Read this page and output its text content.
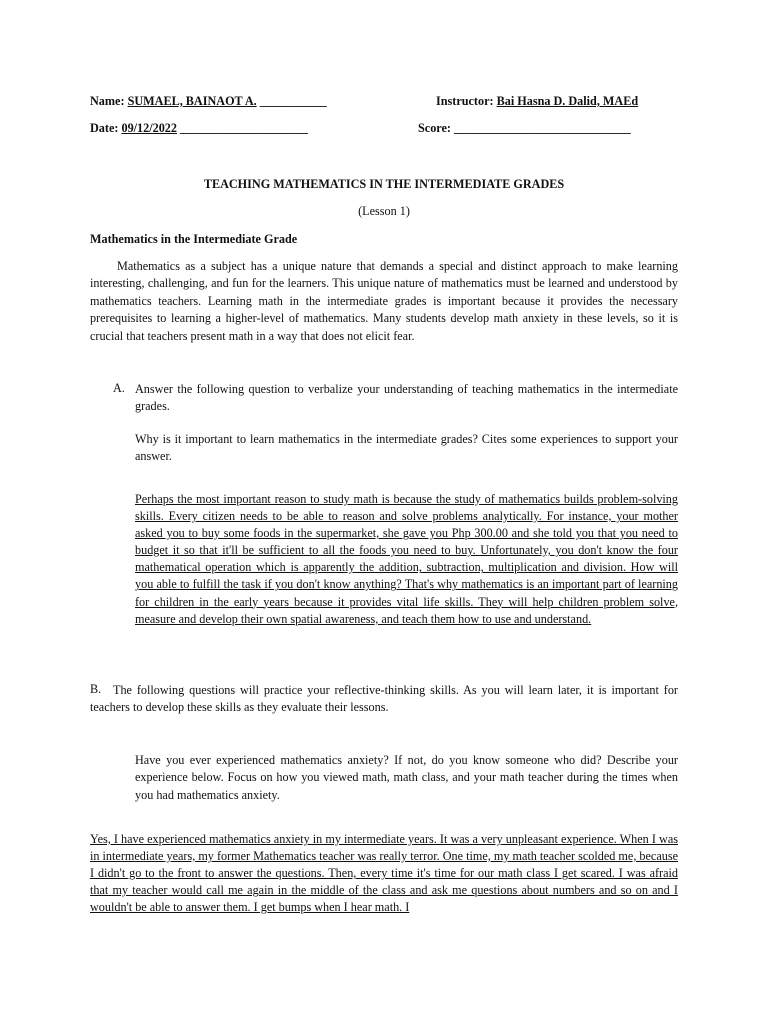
Name: SUMAEL, BAINAOT A. ___________	Instructor: Bai Hasna D. Dalid, MAEd
Date: 09/12/2022 _____________________	Score: _____________________________
TEACHING MATHEMATICS IN THE INTERMEDIATE GRADES
(Lesson 1)
Mathematics in the Intermediate Grade
Mathematics as a subject has a unique nature that demands a special and distinct approach to make learning interesting, challenging, and fun for the learners. This unique nature of mathematics must be learned and understood by mathematics teachers. Learning math in the intermediate grades is important because it provides the necessary prerequisites to learning a higher-level of mathematics. Many students develop math anxiety in these levels, so it is crucial that teachers present math in a way that does not elicit fear.
A. Answer the following question to verbalize your understanding of teaching mathematics in the intermediate grades.
Why is it important to learn mathematics in the intermediate grades? Cites some experiences to support your answer.
Perhaps the most important reason to study math is because the study of mathematics builds problem-solving skills. Every citizen needs to be able to reason and solve problems analytically. For instance, your mother asked you to buy some foods in the supermarket, she gave you Php 300.00 and she told you that you need to budget it so that it'll be sufficient to all the foods you need to buy. Unfortunately, you don't know the four mathematical operation which is apparently the addition, subtraction, multiplication and division. How will you able to fulfill the task if you don't know anything? That's why mathematics is an important part of learning for children in the early years because it provides vital life skills. They will help children problem solve, measure and develop their own spatial awareness, and teach them how to use and understand.
B. The following questions will practice your reflective-thinking skills. As you will learn later, it is important for teachers to develop these skills as they evaluate their lessons.
Have you ever experienced mathematics anxiety? If not, do you know someone who did? Describe your experience below. Focus on how you viewed math, math class, and your math teacher during the times when you had mathematics anxiety.
Yes, I have experienced mathematics anxiety in my intermediate years. It was a very unpleasant experience. When I was in intermediate years, my former Mathematics teacher was really terror. One time, my math teacher scolded me, because I didn't go to the front to answer the questions. Then, every time it's time for our math class I get scared. I was afraid that my teacher would call me again in the middle of the class and ask me questions about numbers and so on and I wouldn't be able to answer them. I get bumps when I hear math. I
